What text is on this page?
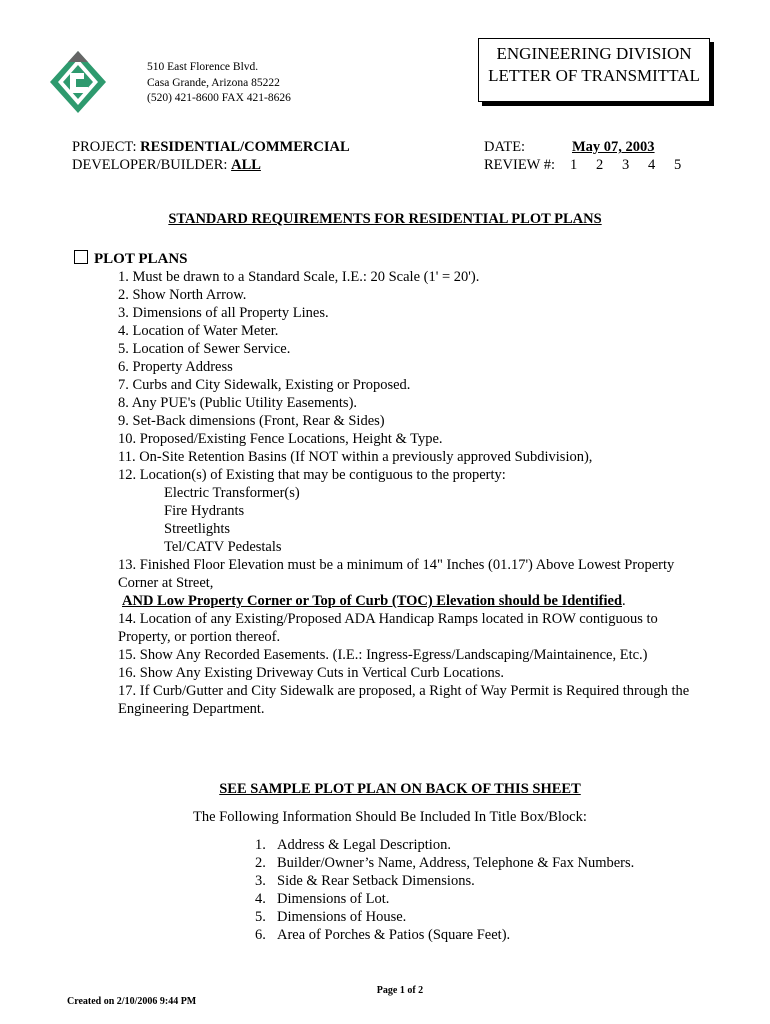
510 East Florence Blvd.
Casa Grande, Arizona 85222
(520) 421-8600 FAX 421-8626
ENGINEERING DIVISION
LETTER OF TRANSMITTAL
PROJECT: RESIDENTIAL/COMMERCIAL
DEVELOPER/BUILDER: ALL
DATE:	May 07, 2003
REVIEW #: 1 2 3 4 5
STANDARD REQUIREMENTS FOR RESIDENTIAL PLOT PLANS
PLOT PLANS
1. Must be drawn to a Standard Scale, I.E.: 20 Scale (1' = 20').
2. Show North Arrow.
3. Dimensions of all Property Lines.
4. Location of Water Meter.
5. Location of Sewer Service.
6. Property Address
7. Curbs and City Sidewalk, Existing or Proposed.
8. Any PUE's (Public Utility Easements).
9. Set-Back dimensions (Front, Rear & Sides)
10. Proposed/Existing Fence Locations, Height & Type.
11. On-Site Retention Basins (If NOT within a previously approved Subdivision),
12. Location(s) of Existing that may be contiguous to the property:
Electric Transformer(s)
Fire Hydrants
Streetlights
Tel/CATV Pedestals
13. Finished Floor Elevation must be a minimum of 14" Inches (01.17') Above Lowest Property
Corner at Street,
AND Low Property Corner or Top of Curb (TOC) Elevation should be Identified.
14. Location of any Existing/Proposed ADA Handicap Ramps located in ROW contiguous to
Property, or portion thereof.
15. Show Any Recorded Easements. (I.E.: Ingress-Egress/Landscaping/Maintainence, Etc.)
16. Show Any Existing Driveway Cuts in Vertical Curb Locations.
17. If Curb/Gutter and City Sidewalk are proposed, a Right of Way Permit is Required through the
Engineering Department.
SEE SAMPLE PLOT PLAN ON BACK OF THIS SHEET
The Following Information Should Be Included In Title Box/Block:
1. Address & Legal Description.
2. Builder/Owner’s Name, Address, Telephone & Fax Numbers.
3. Side & Rear Setback Dimensions.
4. Dimensions of Lot.
5. Dimensions of House.
6. Area of Porches & Patios (Square Feet).
Page 1 of 2
Created on 2/10/2006 9:44 PM
